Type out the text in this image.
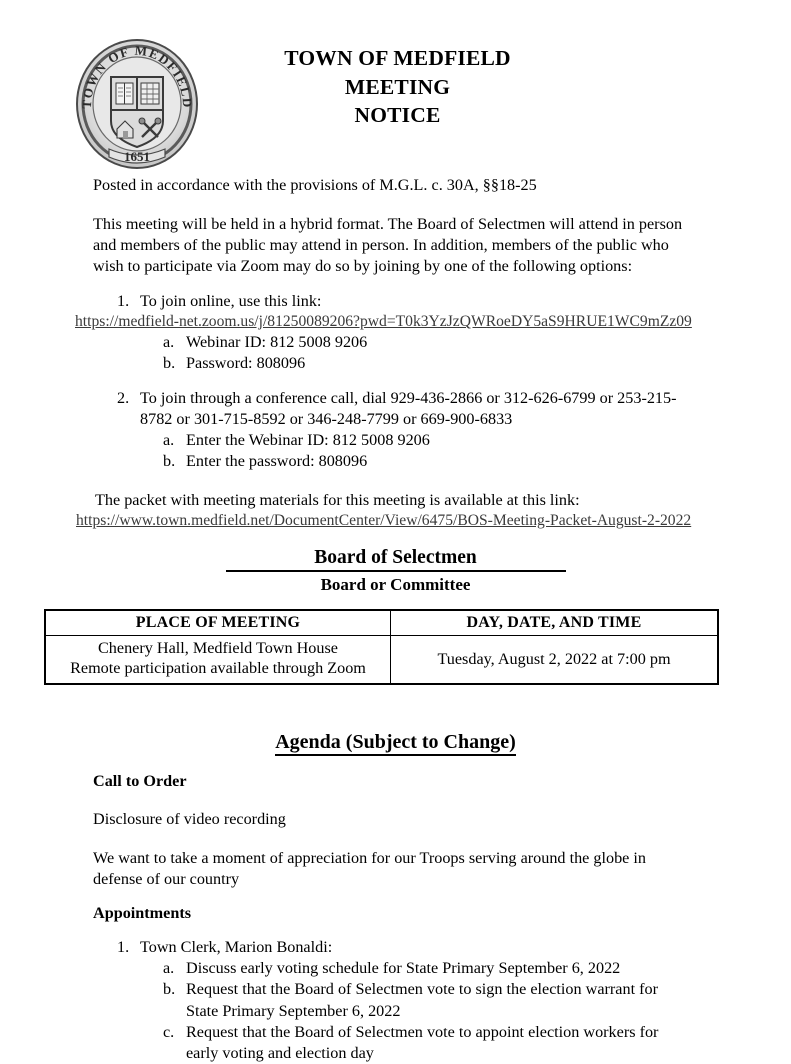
TOWN OF MEDFIELD
1651
TOWN OF MEDFIELD
MEETING
NOTICE
Posted in accordance with the provisions of M.G.L. c. 30A, §§18-25
This meeting will be held in a hybrid format. The Board of Selectmen will attend in person and members of the public may attend in person. In addition, members of the public who wish to participate via Zoom may do so by joining by one of the following options:
1. To join online, use this link:
https://medfield-net.zoom.us/j/81250089206?pwd=T0k3YzJzQWRoeDY5aS9HRUE1WC9mZz09
a. Webinar ID: 812 5008 9206
b. Password: 808096
2. To join through a conference call, dial 929-436-2866 or 312-626-6799 or 253-215-8782 or 301-715-8592 or 346-248-7799 or 669-900-6833
a. Enter the Webinar ID: 812 5008 9206
b. Enter the password: 808096
The packet with meeting materials for this meeting is available at this link:
https://www.town.medfield.net/DocumentCenter/View/6475/BOS-Meeting-Packet-August-2-2022
Board of Selectmen
Board or Committee
PLACE OF MEETING	DAY, DATE, AND TIME

Chenery Hall, Medfield Town House
Remote participation available through Zoom	Tuesday, August 2, 2022 at 7:00 pm
Agenda (Subject to Change)
Call to Order
Disclosure of video recording
We want to take a moment of appreciation for our Troops serving around the globe in defense of our country
Appointments
1. Town Clerk, Marion Bonaldi:
a. Discuss early voting schedule for State Primary September 6, 2022
b. Request that the Board of Selectmen vote to sign the election warrant for State Primary September 6, 2022
c. Request that the Board of Selectmen vote to appoint election workers for early voting and election day
